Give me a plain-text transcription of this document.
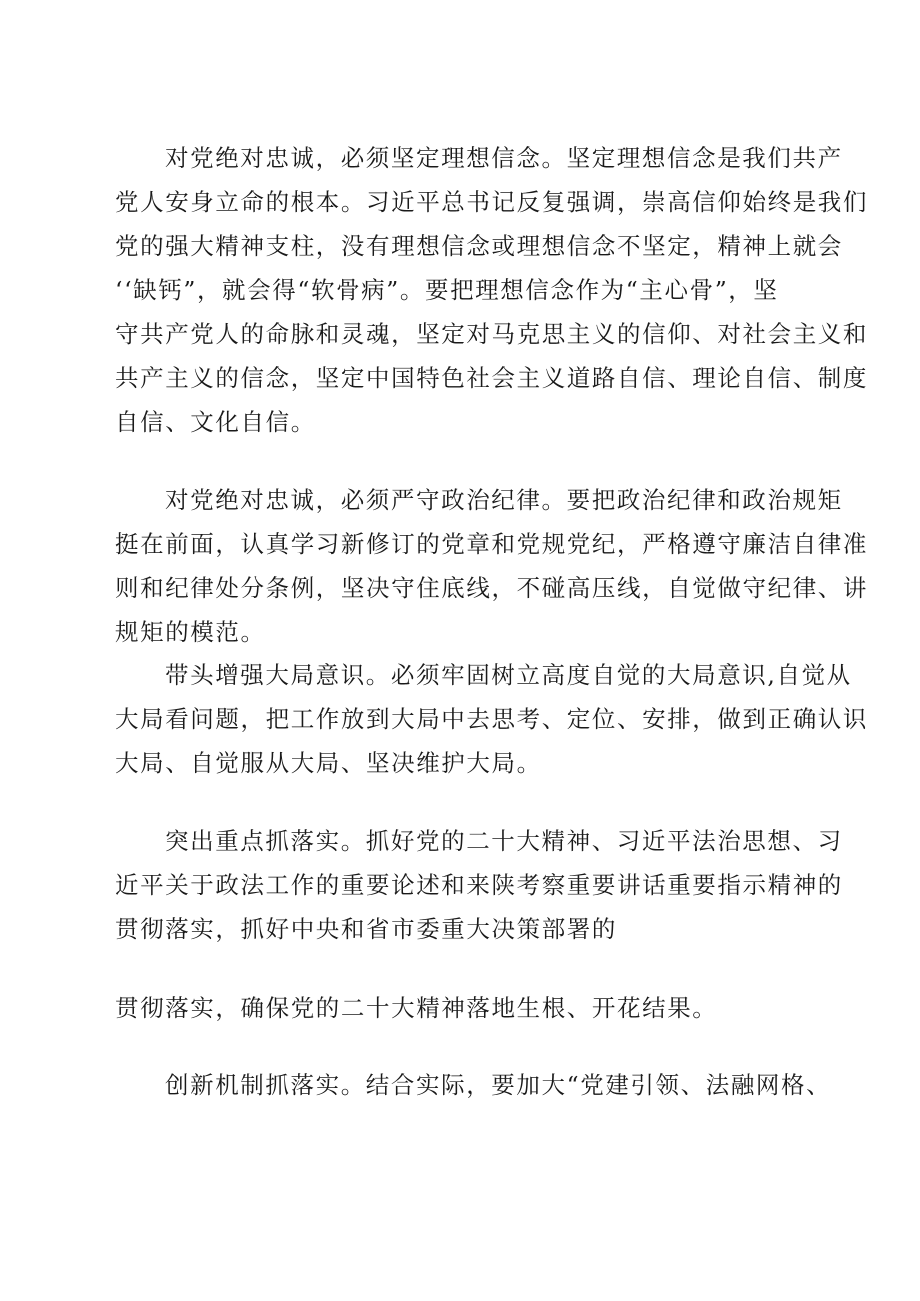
对党绝对忠诚，必须坚定理想信念。坚定理想信念是我们共产
党人安身立命的根本。习近平总书记反复强调，崇高信仰始终是我们
党的强大精神支柱，没有理想信念或理想信念不坚定，精神上就会
‘‘缺钙”，就会得“软骨病”。要把理想信念作为“主心骨”，坚
守共产党人的命脉和灵魂，坚定对马克思主义的信仰、对社会主义和
共产主义的信念，坚定中国特色社会主义道路自信、理论自信、制度
自信、文化自信。
对党绝对忠诚，必须严守政治纪律。要把政治纪律和政治规矩
挺在前面，认真学习新修订的党章和党规党纪，严格遵守廉洁自律准
则和纪律处分条例，坚决守住底线，不碰高压线，自觉做守纪律、讲
规矩的模范。
带头增强大局意识。必须牢固树立高度自觉的大局意识,自觉从
大局看问题，把工作放到大局中去思考、定位、安排，做到正确认识
大局、自觉服从大局、坚决维护大局。
突出重点抓落实。抓好党的二十大精神、习近平法治思想、习
近平关于政法工作的重要论述和来陕考察重要讲话重要指示精神的
贯彻落实，抓好中央和省市委重大决策部署的
贯彻落实，确保党的二十大精神落地生根、开花结果。
创新机制抓落实。结合实际，要加大“党建引领、法融网格、
